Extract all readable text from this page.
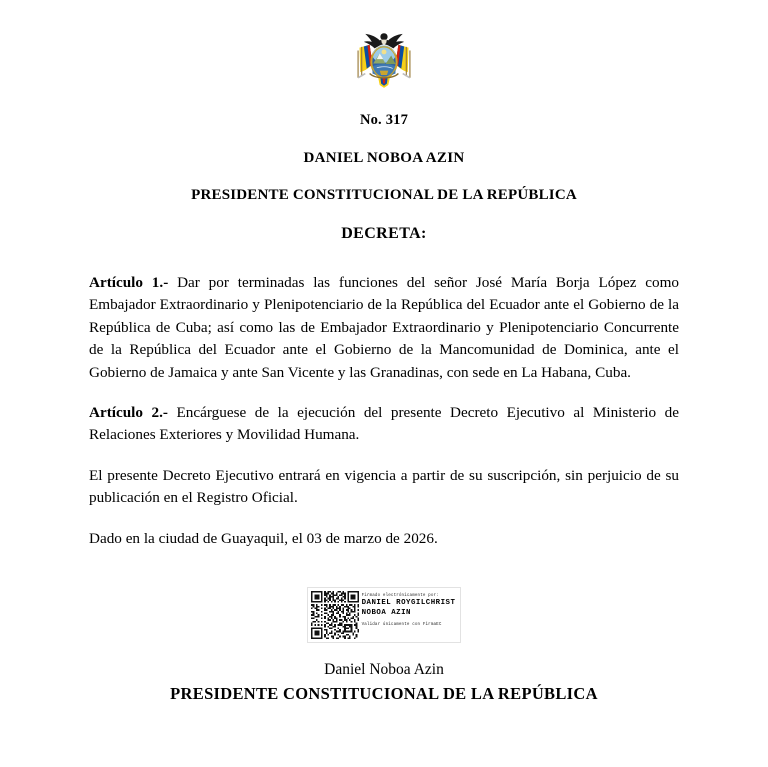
No. 317

DANIEL NOBOA AZIN

PRESIDENTE CONSTITUCIONAL DE LA REPÚBLICA

DECRETA:

Artículo 1.- Dar por terminadas las funciones del señor José María Borja López como Embajador Extraordinario y Plenipotenciario de la República del Ecuador ante el Gobierno de la República de Cuba; así como las de Embajador Extraordinario y Plenipotenciario Concurrente de la República del Ecuador ante el Gobierno de la Mancomunidad de Dominica, ante el Gobierno de Jamaica y ante San Vicente y las Granadinas, con sede en La Habana, Cuba.

Artículo 2.- Encárguese de la ejecución del presente Decreto Ejecutivo al Ministerio de Relaciones Exteriores y Movilidad Humana.

El presente Decreto Ejecutivo entrará en vigencia a partir de su suscripción, sin perjuicio de su publicación en el Registro Oficial.

Dado en la ciudad de Guayaquil, el 03 de marzo de 2026.

Firmado electrónicamente por:
DANIEL ROYGILCHRIST
NOBOA AZIN
Validar únicamente con FirmaEC

Daniel Noboa Azin

PRESIDENTE CONSTITUCIONAL DE LA REPÚBLICA
